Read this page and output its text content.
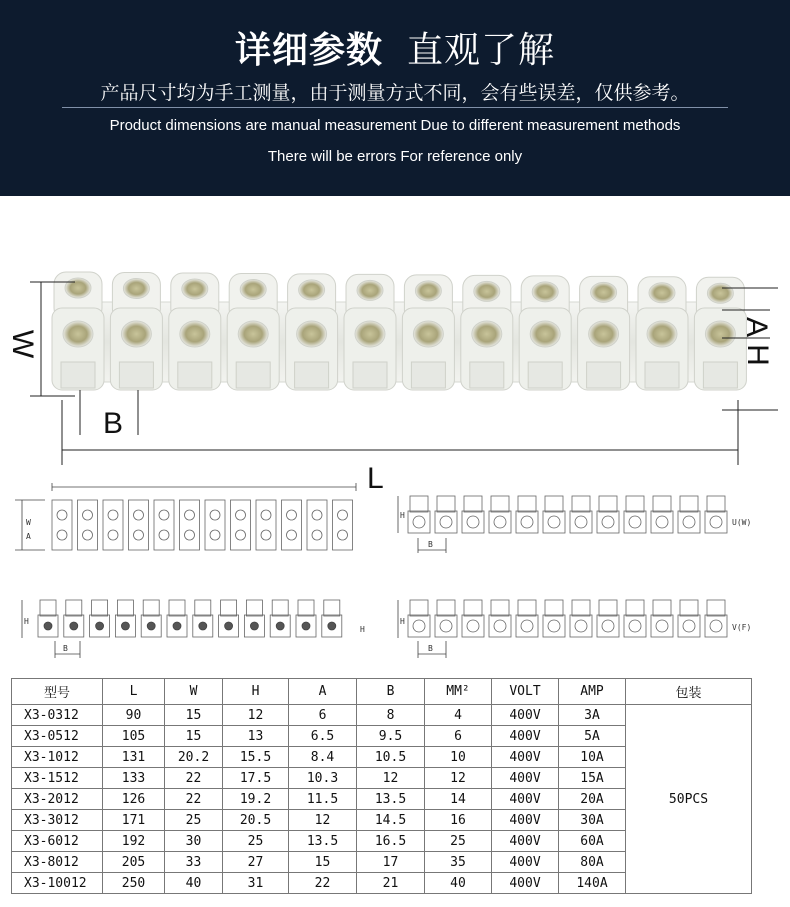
详细参数 直观了解
产品尺寸均为手工测量，由于测量方式不同，会有些误差，仅供参考。
Product dimensions are manual measurement Due to different measurement methods
There will be errors For reference only
W
B
L
A
H
W
A
H
B
U(W)
H
B
H
H
B
V(F)
型号	L	W	H	A	B	MM²	VOLT	AMP	包装
X3-0312	90	15	12	6	8	4	400V	3A	50PCS
X3-0512	105	15	13	6.5	9.5	6	400V	5A	
X3-1012	131	20.2	15.5	8.4	10.5	10	400V	10A	
X3-1512	133	22	17.5	10.3	12	12	400V	15A	
X3-2012	126	22	19.2	11.5	13.5	14	400V	20A	
X3-3012	171	25	20.5	12	14.5	16	400V	30A	
X3-6012	192	30	25	13.5	16.5	25	400V	60A	
X3-8012	205	33	27	15	17	35	400V	80A	
X3-10012	250	40	31	22	21	40	400V	140A	
